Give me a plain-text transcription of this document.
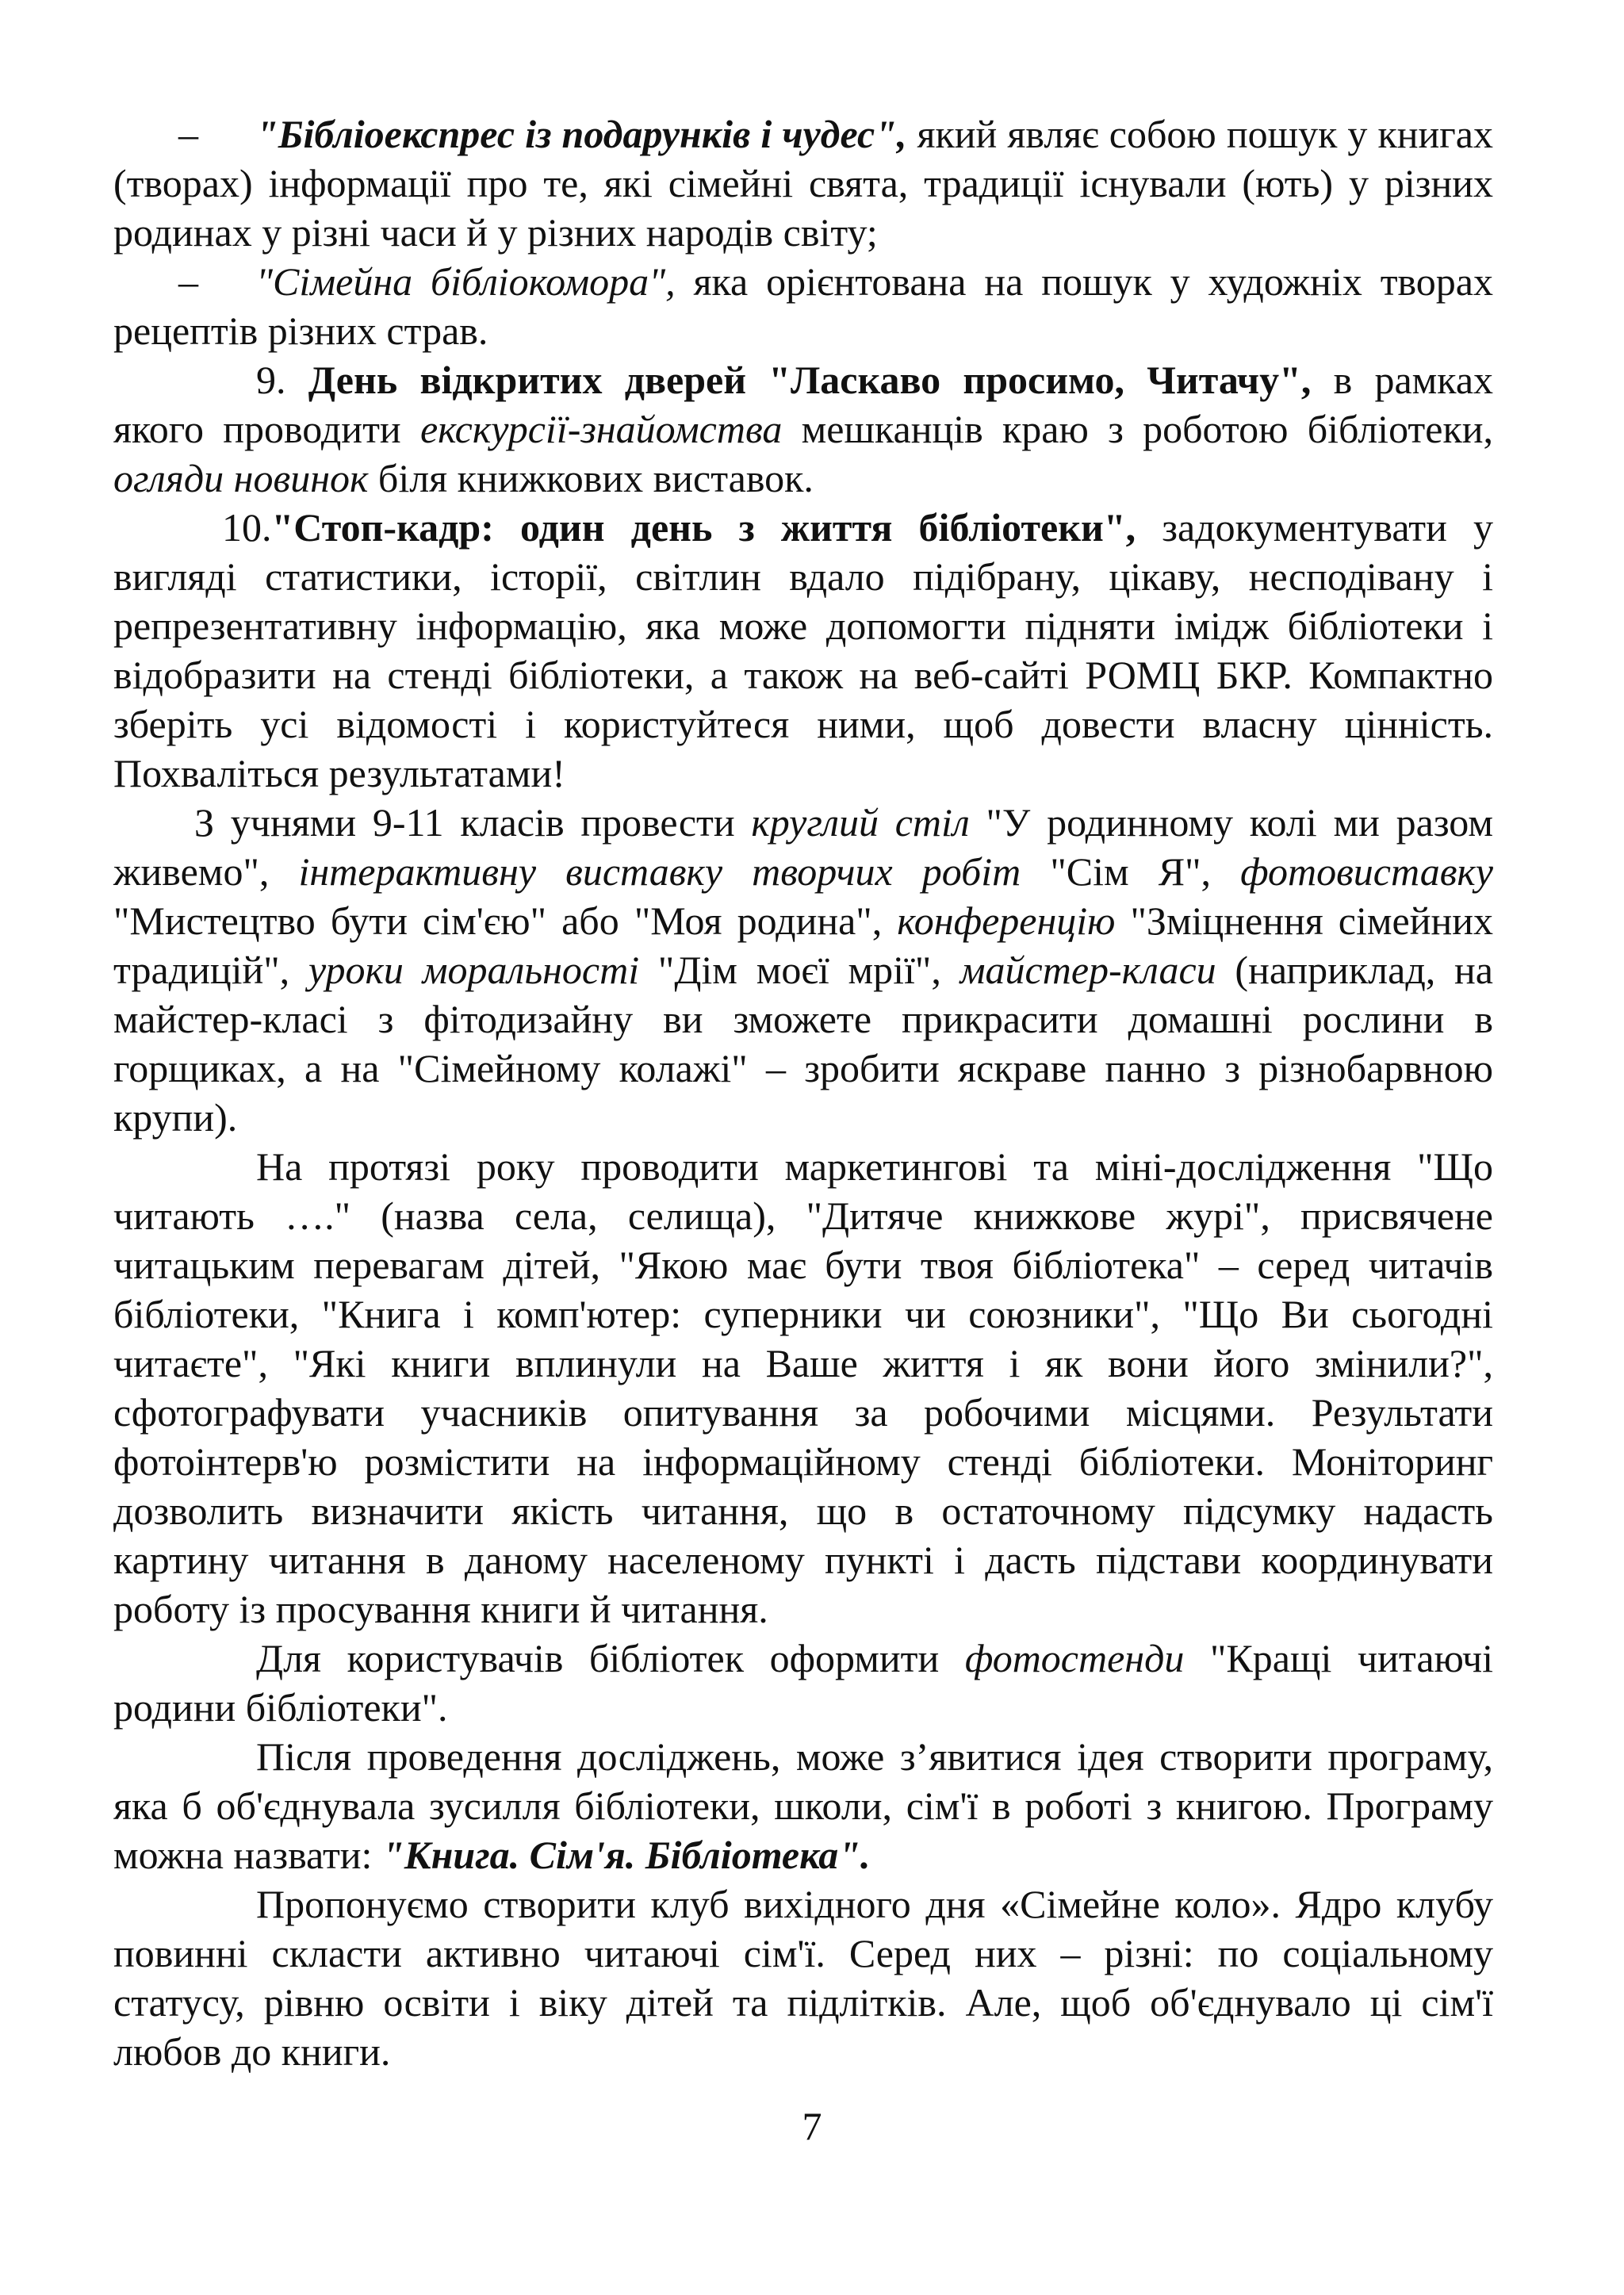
– "Бібліоекспрес із подарунків і чудес", який являє собою пошук у книгах (творах) інформації про те, які сімейні свята, традиції існували (ють) у різних родинах у різні часи й у різних народів світу;

– "Сімейна бібліокомора", яка орієнтована на пошук у художніх творах рецептів різних страв.

9. День відкритих дверей "Ласкаво просимо, Читачу", в рамках якого проводити екскурсії-знайомства мешканців краю з роботою бібліотеки, огляди новинок біля книжкових виставок.

10."Стоп-кадр: один день з життя бібліотеки", задокументувати у вигляді статистики, історії, світлин вдало підібрану, цікаву, несподівану і репрезентативну інформацію, яка може допомогти підняти імідж бібліотеки і відобразити на стенді бібліотеки, а також на веб-сайті РОМЦ БКР. Компактно зберіть усі відомості і користуйтеся ними, щоб довести власну цінність. Похваліться результатами!

З учнями 9-11 класів провести круглий стіл "У родинному колі ми разом живемо", інтерактивну виставку творчих робіт "Сім Я", фотовиставку "Мистецтво бути сім'єю" або "Моя родина", конференцію "Зміцнення сімейних традицій", уроки моральності "Дім моєї мрії", майстер-класи (наприклад, на майстер-класі з фітодизайну ви зможете прикрасити домашні рослини в горщиках, а на "Сімейному колажі" – зробити яскраве панно з різнобарвною крупи).

На протязі року проводити маркетингові та міні-дослідження "Що читають …." (назва села, селища), "Дитяче книжкове журі", присвячене читацьким перевагам дітей, "Якою має бути твоя бібліотека" – серед читачів бібліотеки, "Книга і комп'ютер: суперники чи союзники", "Що Ви сьогодні читаєте", "Які книги вплинули на Ваше життя і як вони його змінили?", сфотографувати учасників опитування за робочими місцями. Результати фотоінтерв'ю розмістити на інформаційному стенді бібліотеки. Моніторинг дозволить визначити якість читання, що в остаточному підсумку надасть картину читання в даному населеному пункті і дасть підстави координувати роботу із просування книги й читання.

Для користувачів бібліотек оформити фотостенди "Кращі читаючі родини бібліотеки".

Після проведення досліджень, може з’явитися ідея створити програму, яка б об'єднувала зусилля бібліотеки, школи, сім'ї в роботі з книгою. Програму можна назвати: "Книга. Сім'я. Бібліотека".

Пропонуємо створити клуб вихідного дня «Сімейне коло». Ядро клубу повинні скласти активно читаючі сім'ї. Серед них – різні: по соціальному статусу, рівню освіти і віку дітей та підлітків. Але, щоб об'єднувало ці сім'ї любов до книги.

7
